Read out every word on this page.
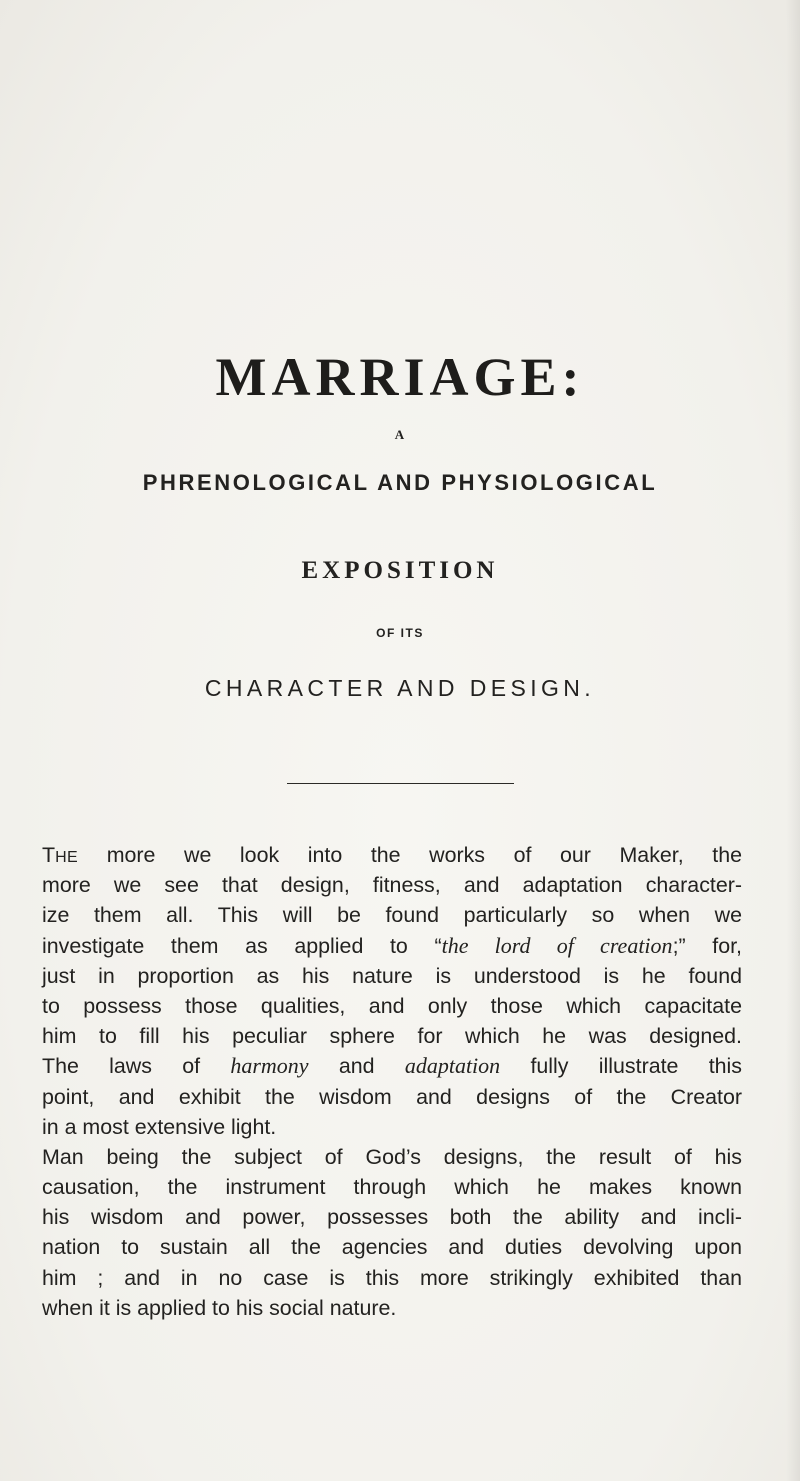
MARRIAGE:
A
PHRENOLOGICAL AND PHYSIOLOGICAL
EXPOSITION
OF ITS
CHARACTER AND DESIGN.
THE more we look into the works of our Maker, the
more we see that design, fitness, and adaptation character-
ize them all. This will be found particularly so when we
investigate them as applied to “the lord of creation;” for,
just in proportion as his nature is understood is he found
to possess those qualities, and only those which capacitate
him to fill his peculiar sphere for which he was designed.
The laws of harmony and adaptation fully illustrate this
point, and exhibit the wisdom and designs of the Creator
in a most extensive light.
Man being the subject of God’s designs, the result of his
causation, the instrument through which he makes known
his wisdom and power, possesses both the ability and incli-
nation to sustain all the agencies and duties devolving upon
him ; and in no case is this more strikingly exhibited than
when it is applied to his social nature.
